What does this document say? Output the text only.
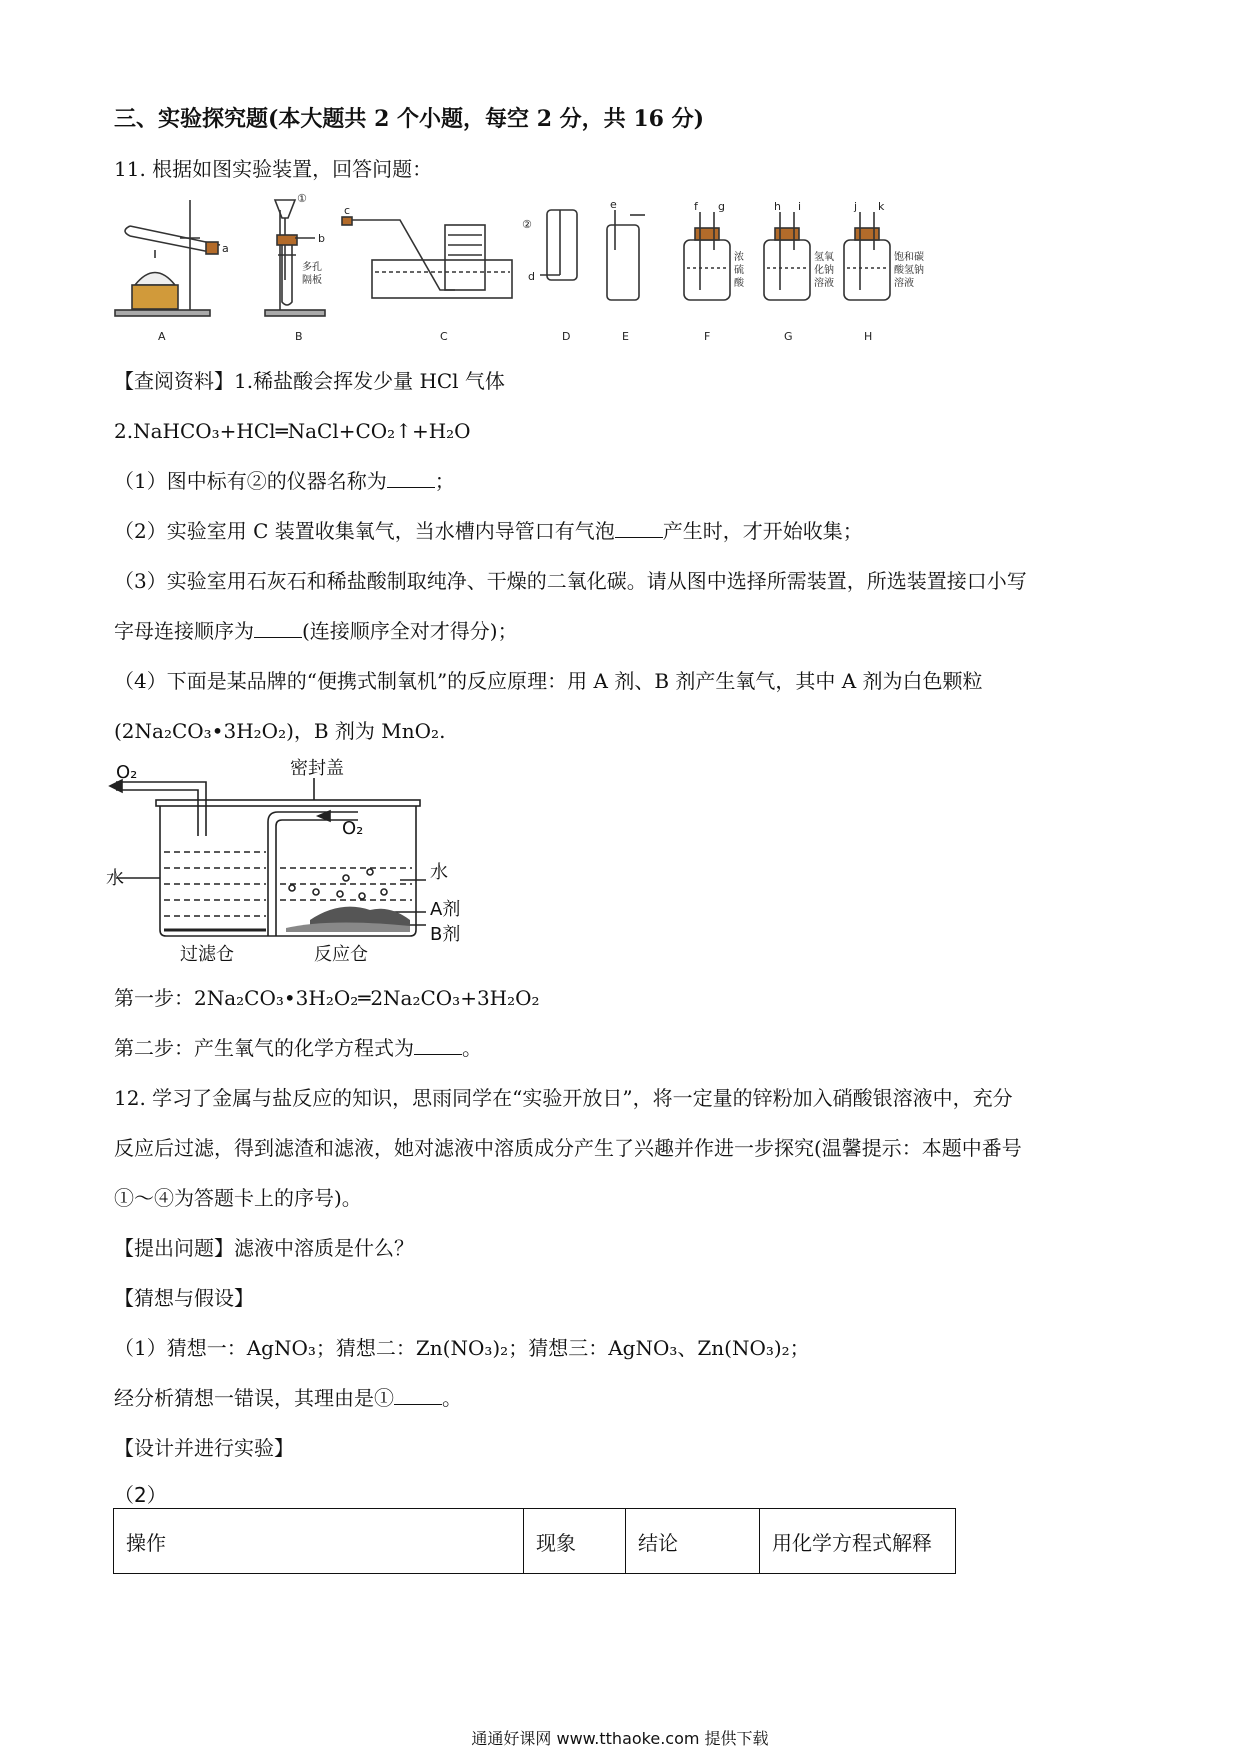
三、实验探究题(本大题共 2 个小题，每空 2 分，共 16 分)
11. 根据如图实验装置，回答问题：
A	B	C	D	E	F	G	H
a
b
c
d
e	f g	h i	j k
①
②
多孔
隔板
浓
硫
酸
氢氧
化钠
溶液
饱和碳
酸氢钠
溶液
【查阅资料】1.稀盐酸会挥发少量 HCl 气体
2.NaHCO₃+HCl═NaCl+CO₂↑+H₂O
（1）图中标有②的仪器名称为 ；
（2）实验室用 C 装置收集氧气，当水槽内导管口有气泡 产生时，才开始收集；
（3）实验室用石灰石和稀盐酸制取纯净、干燥的二氧化碳。请从图中选择所需装置，所选装置接口小写
字母连接顺序为 (连接顺序全对才得分)；
（4）下面是某品牌的“便携式制氧机”的反应原理：用 A 剂、B 剂产生氧气，其中 A 剂为白色颗粒
(2Na₂CO₃•3H₂O₂)，B 剂为 MnO₂.
O₂
O₂
密封盖
水	水
A剂
B剂
过滤仓	反应仓
第一步：2Na₂CO₃•3H₂O₂═2Na₂CO₃+3H₂O₂
第二步：产生氧气的化学方程式为 。
12. 学习了金属与盐反应的知识，思雨同学在“实验开放日”，将一定量的锌粉加入硝酸银溶液中，充分
反应后过滤，得到滤渣和滤液，她对滤液中溶质成分产生了兴趣并作进一步探究(温馨提示：本题中番号
①～④为答题卡上的序号)。
【提出问题】滤液中溶质是什么？
【猜想与假设】
（1）猜想一：AgNO₃；猜想二：Zn(NO₃)₂；猜想三：AgNO₃、Zn(NO₃)₂；
经分析猜想一错误，其理由是① 。
【设计并进行实验】
（2）
操作	现象	结论	用化学方程式解释
通通好课网 www.tthaoke.com 提供下载
